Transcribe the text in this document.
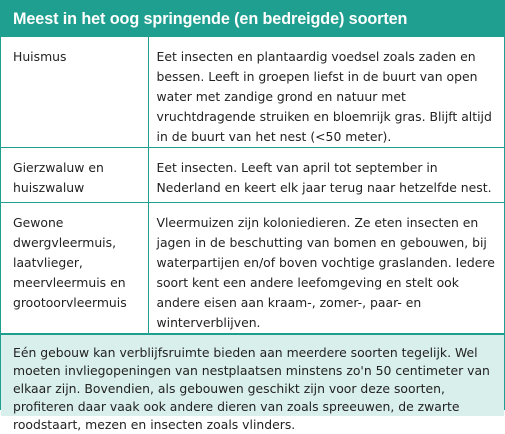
Meest in het oog springende (en bedreigde) soorten
Huismus	Eet insecten en plantaardig voedsel zoals zaden en bessen. Leeft in groepen liefst in de buurt van open water met zandige grond en natuur met vruchtdragende struiken en bloemrijk gras. Blijft altijd in de buurt van het nest (<50 meter).
Gierzwaluw en huiszwaluw	Eet insecten. Leeft van april tot september in Nederland en keert elk jaar terug naar hetzelfde nest.
Gewone dwergvleermuis, laatvlieger, meervleermuis en grootoorvleermuis	Vleermuizen zijn koloniedieren. Ze eten insecten en jagen in de beschutting van bomen en gebouwen, bij waterpartijen en/of boven vochtige graslanden. Iedere soort kent een andere leefomgeving en stelt ook andere eisen aan kraam-, zomer-, paar- en winterverblijven.
Eén gebouw kan verblijfsruimte bieden aan meerdere soorten tegelijk. Wel moeten invliegopeningen van nestplaatsen minstens zo'n 50 centimeter van elkaar zijn. Bovendien, als gebouwen geschikt zijn voor deze soorten, profiteren daar vaak ook andere dieren van zoals spreeuwen, de zwarte roodstaart, mezen en insecten zoals vlinders.
